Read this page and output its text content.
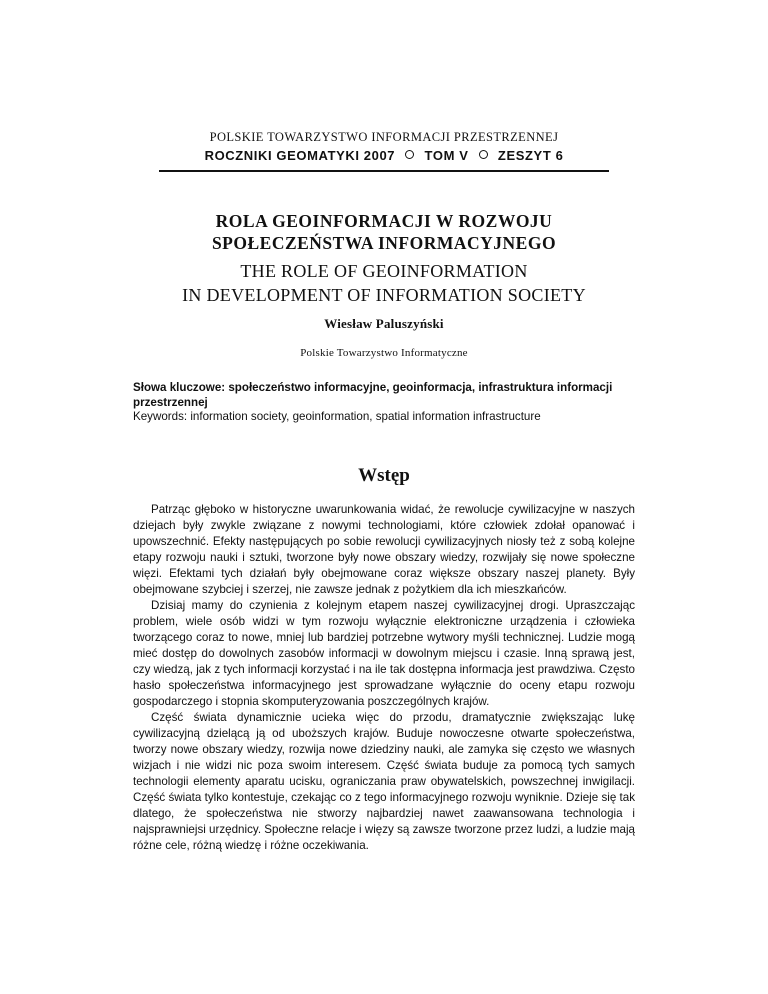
POLSKIE TOWARZYSTWO INFORMACJI PRZESTRZENNEJ
ROCZNIKI GEOMATYKI 2007 TOM V ZESZYT 6
ROLA GEOINFORMACJI W ROZWOJU
SPOŁECZEŃSTWA INFORMACYJNEGO
THE ROLE OF GEOINFORMATION
IN DEVELOPMENT OF INFORMATION SOCIETY
Wiesław Paluszyński
Polskie Towarzystwo Informatyczne

Słowa kluczowe: społeczeństwo informacyjne, geoinformacja, infrastruktura informacji przestrzennej

Keywords: information society, geoinformation, spatial information infrastructure

Wstęp

Patrząc głęboko w historyczne uwarunkowania widać, że rewolucje cywilizacyjne w naszych dziejach były zwykle związane z nowymi technologiami, które człowiek zdołał opanować i upowszechnić. Efekty następujących po sobie rewolucji cywilizacyjnych niosły też z sobą kolejne etapy rozwoju nauki i sztuki, tworzone były nowe obszary wiedzy, rozwijały się nowe społeczne więzi. Efektami tych działań były obejmowane coraz większe obszary naszej planety. Były obejmowane szybciej i szerzej, nie zawsze jednak z pożytkiem dla ich mieszkańców.

Dzisiaj mamy do czynienia z kolejnym etapem naszej cywilizacyjnej drogi. Upraszczając problem, wiele osób widzi w tym rozwoju wyłącznie elektroniczne urządzenia i człowieka tworzącego coraz to nowe, mniej lub bardziej potrzebne wytwory myśli technicznej. Ludzie mogą mieć dostęp do dowolnych zasobów informacji w dowolnym miejscu i czasie. Inną sprawą jest, czy wiedzą, jak z tych informacji korzystać i na ile tak dostępna informacja jest prawdziwa. Często hasło społeczeństwa informacyjnego jest sprowadzane wyłącznie do oceny etapu rozwoju gospodarczego i stopnia skomputeryzowania poszczególnych krajów.

Część świata dynamicznie ucieka więc do przodu, dramatycznie zwiększając lukę cywilizacyjną dzielącą ją od uboższych krajów. Buduje nowoczesne otwarte społeczeństwa, tworzy nowe obszary wiedzy, rozwija nowe dziedziny nauki, ale zamyka się często we własnych wizjach i nie widzi nic poza swoim interesem. Część świata buduje za pomocą tych samych technologii elementy aparatu ucisku, ograniczania praw obywatelskich, powszechnej inwigilacji. Część świata tylko kontestuje, czekając co z tego informacyjnego rozwoju wyniknie. Dzieje się tak dlatego, że społeczeństwa nie stworzy najbardziej nawet zaawansowana technologia i najsprawniejsi urzędnicy. Społeczne relacje i więzy są zawsze tworzone przez ludzi, a ludzie mają różne cele, różną wiedzę i różne oczekiwania.
